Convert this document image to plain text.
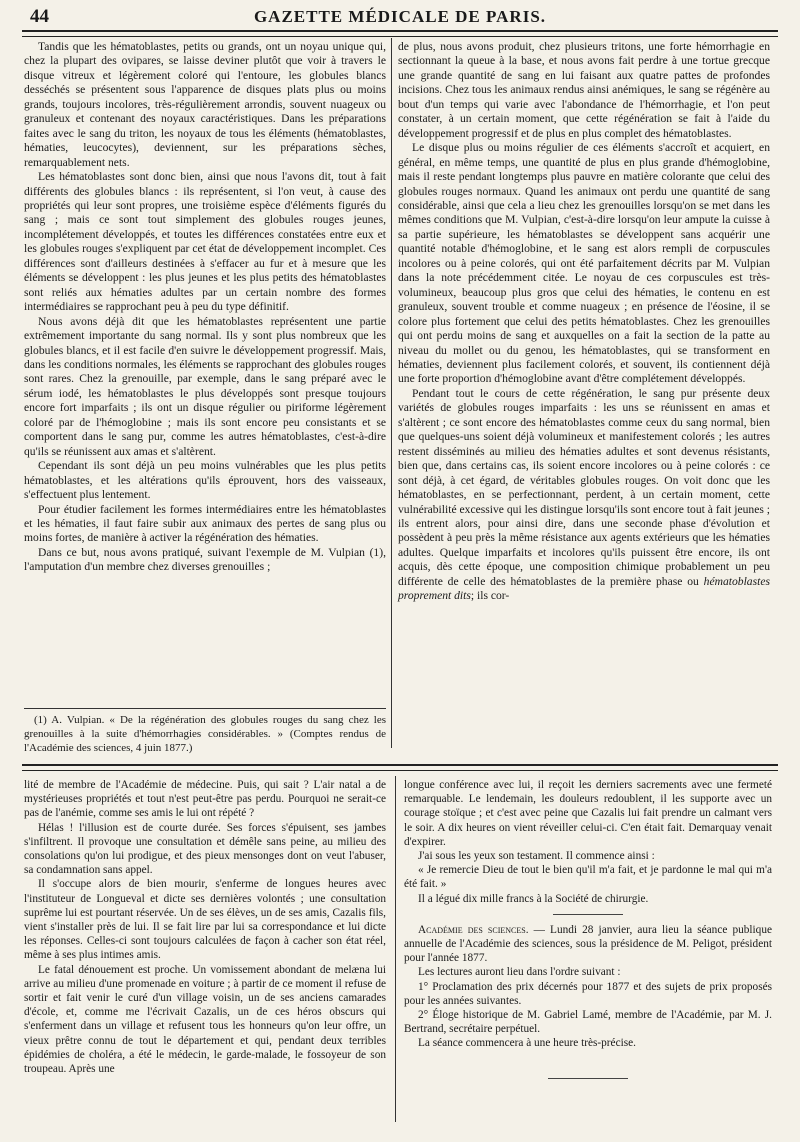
44	GAZETTE MÉDICALE DE PARIS.

Tandis que les hématoblastes, petits ou grands, ont un noyau unique qui, chez la plupart des ovipares, se laisse deviner plutôt que voir à travers le disque vitreux et légèrement coloré qui l'entoure, les globules blancs desséchés se présentent sous l'apparence de disques plats plus ou moins grands, toujours incolores, très-régulièrement arrondis, souvent nuageux ou granuleux et contenant des noyaux caractéristiques. Dans les préparations faites avec le sang du triton, les noyaux de tous les éléments (hématoblastes, hématies, leucocytes), deviennent, sur les préparations sèches, remarquablement nets.

Les hématoblastes sont donc bien, ainsi que nous l'avons dit, tout à fait différents des globules blancs : ils représentent, si l'on veut, à cause des propriétés qui leur sont propres, une troisième espèce d'éléments figurés du sang ; mais ce sont tout simplement des globules rouges jeunes, incomplétement développés, et toutes les différences constatées entre eux et les globules rouges s'expliquent par cet état de développement incomplet. Ces différences sont d'ailleurs destinées à s'effacer au fur et à mesure que les éléments se développent : les plus jeunes et les plus petits des hématoblastes sont reliés aux hématies adultes par un certain nombre des formes intermédiaires se rapprochant peu à peu du type définitif.

Nous avons déjà dit que les hématoblastes représentent une partie extrêmement importante du sang normal. Ils y sont plus nombreux que les globules blancs, et il est facile d'en suivre le développement progressif. Mais, dans les conditions normales, les éléments se rapprochant des globules rouges sont rares. Chez la grenouille, par exemple, dans le sang préparé avec le sérum iodé, les hématoblastes le plus développés sont presque toujours encore fort imparfaits ; ils ont un disque régulier ou piriforme légèrement coloré par de l'hémoglobine ; mais ils sont encore peu consistants et se comportent dans le sang pur, comme les autres hématoblastes, c'est-à-dire qu'ils se réunissent aux amas et s'altèrent.

Cependant ils sont déjà un peu moins vulnérables que les plus petits hématoblastes, et les altérations qu'ils éprouvent, hors des vaisseaux, s'effectuent plus lentement.

Pour étudier facilement les formes intermédiaires entre les hématoblastes et les hématies, il faut faire subir aux animaux des pertes de sang plus ou moins fortes, de manière à activer la régénération des hématies.

Dans ce but, nous avons pratiqué, suivant l'exemple de M. Vulpian (1), l'amputation d'un membre chez diverses grenouilles ;

(1) A. Vulpian. « De la régénération des globules rouges du sang chez les grenouilles à la suite d'hémorrhagies considérables. » (Comptes rendus de l'Académie des sciences, 4 juin 1877.)

de plus, nous avons produit, chez plusieurs tritons, une forte hémorrhagie en sectionnant la queue à la base, et nous avons fait perdre à une tortue grecque une grande quantité de sang en lui faisant aux quatre pattes de profondes incisions. Chez tous les animaux rendus ainsi anémiques, le sang se régénère au bout d'un temps qui varie avec l'abondance de l'hémorrhagie, et l'on peut constater, à un certain moment, que cette régénération se fait à l'aide du développement progressif et de plus en plus complet des hématoblastes.

Le disque plus ou moins régulier de ces éléments s'accroît et acquiert, en général, en même temps, une quantité de plus en plus grande d'hémoglobine, mais il reste pendant longtemps plus pauvre en matière colorante que celui des globules rouges normaux. Quand les animaux ont perdu une quantité de sang considérable, ainsi que cela a lieu chez les grenouilles lorsqu'on se met dans les mêmes conditions que M. Vulpian, c'est-à-dire lorsqu'on leur ampute la cuisse à sa partie supérieure, les hématoblastes se développent sans acquérir une quantité notable d'hémoglobine, et le sang est alors rempli de corpuscules incolores ou à peine colorés, qui ont été parfaitement décrits par M. Vulpian dans la note précédemment citée. Le noyau de ces corpuscules est très-volumineux, beaucoup plus gros que celui des hématies, le contenu en est granuleux, souvent trouble et comme nuageux ; en présence de l'éosine, il se colore plus fortement que celui des petits hématoblastes. Chez les grenouilles qui ont perdu moins de sang et auxquelles on a fait la section de la patte au niveau du mollet ou du genou, les hématoblastes, qui se transforment en hématies, deviennent plus facilement colorés, et souvent, ils contiennent déjà une forte proportion d'hémoglobine avant d'être complétement développés.

Pendant tout le cours de cette régénération, le sang pur présente deux variétés de globules rouges imparfaits : les uns se réunissent en amas et s'altèrent ; ce sont encore des hématoblastes comme ceux du sang normal, bien que quelques-uns soient déjà volumineux et manifestement colorés ; les autres restent disséminés au milieu des hématies adultes et sont devenus résistants, bien que, dans certains cas, ils soient encore incolores ou à peine colorés : ce sont déjà, à cet égard, de véritables globules rouges. On voit donc que les hématoblastes, en se perfectionnant, perdent, à un certain moment, cette vulnérabilité excessive qui les distingue lorsqu'ils sont encore tout à fait jeunes ; ils entrent alors, pour ainsi dire, dans une seconde phase d'évolution et possèdent à peu près la même résistance aux agents extérieurs que les hématies adultes. Quelque imparfaits et incolores qu'ils puissent être encore, ils ont acquis, dès cette époque, une composition chimique probablement un peu différente de celle des hématoblastes de la première phase ou hématoblastes proprement dits; ils cor-

lité de membre de l'Académie de médecine. Puis, qui sait ? L'air natal a de mystérieuses propriétés et tout n'est peut-être pas perdu. Pourquoi ne serait-ce pas de l'anémie, comme ses amis le lui ont répété ?

Hélas ! l'illusion est de courte durée. Ses forces s'épuisent, ses jambes s'infiltrent. Il provoque une consultation et démêle sans peine, au milieu des consolations qu'on lui prodigue, et des pieux mensonges dont on veut l'abuser, sa condamnation sans appel.

Il s'occupe alors de bien mourir, s'enferme de longues heures avec l'instituteur de Longueval et dicte ses dernières volontés ; une consultation suprême lui est pourtant réservée. Un de ses élèves, un de ses amis, Cazalis fils, vient s'installer près de lui. Il se fait lire par lui sa correspondance et lui dicte les réponses. Celles-ci sont toujours calculées de façon à cacher son état réel, même à ses plus intimes amis.

Le fatal dénouement est proche. Un vomissement abondant de melæna lui arrive au milieu d'une promenade en voiture ; à partir de ce moment il refuse de sortir et fait venir le curé d'un village voisin, un de ses anciens camarades d'école, et, comme me l'écrivait Cazalis, un de ces héros obscurs qui s'enferment dans un village et refusent tous les honneurs qu'on leur offre, un vieux prêtre connu de tout le département et qui, pendant deux terribles épidémies de choléra, a été le médecin, le garde-malade, le fossoyeur de son troupeau. Après une

longue conférence avec lui, il reçoit les derniers sacrements avec une fermeté remarquable. Le lendemain, les douleurs redoublent, il les supporte avec un courage stoïque ; et c'est avec peine que Cazalis lui fait prendre un calmant vers le soir. A dix heures on vient réveiller celui-ci. C'en était fait. Demarquay venait d'expirer.

J'ai sous les yeux son testament. Il commence ainsi :

« Je remercie Dieu de tout le bien qu'il m'a fait, et je pardonne le mal qui m'a été fait. »

Il a légué dix mille francs à la Société de chirurgie.

Académie des sciences. — Lundi 28 janvier, aura lieu la séance publique annuelle de l'Académie des sciences, sous la présidence de M. Peligot, président pour l'année 1877.

Les lectures auront lieu dans l'ordre suivant :

1° Proclamation des prix décernés pour 1877 et des sujets de prix proposés pour les années suivantes.

2° Éloge historique de M. Gabriel Lamé, membre de l'Académie, par M. J. Bertrand, secrétaire perpétuel.

La séance commencera à une heure très-précise.
